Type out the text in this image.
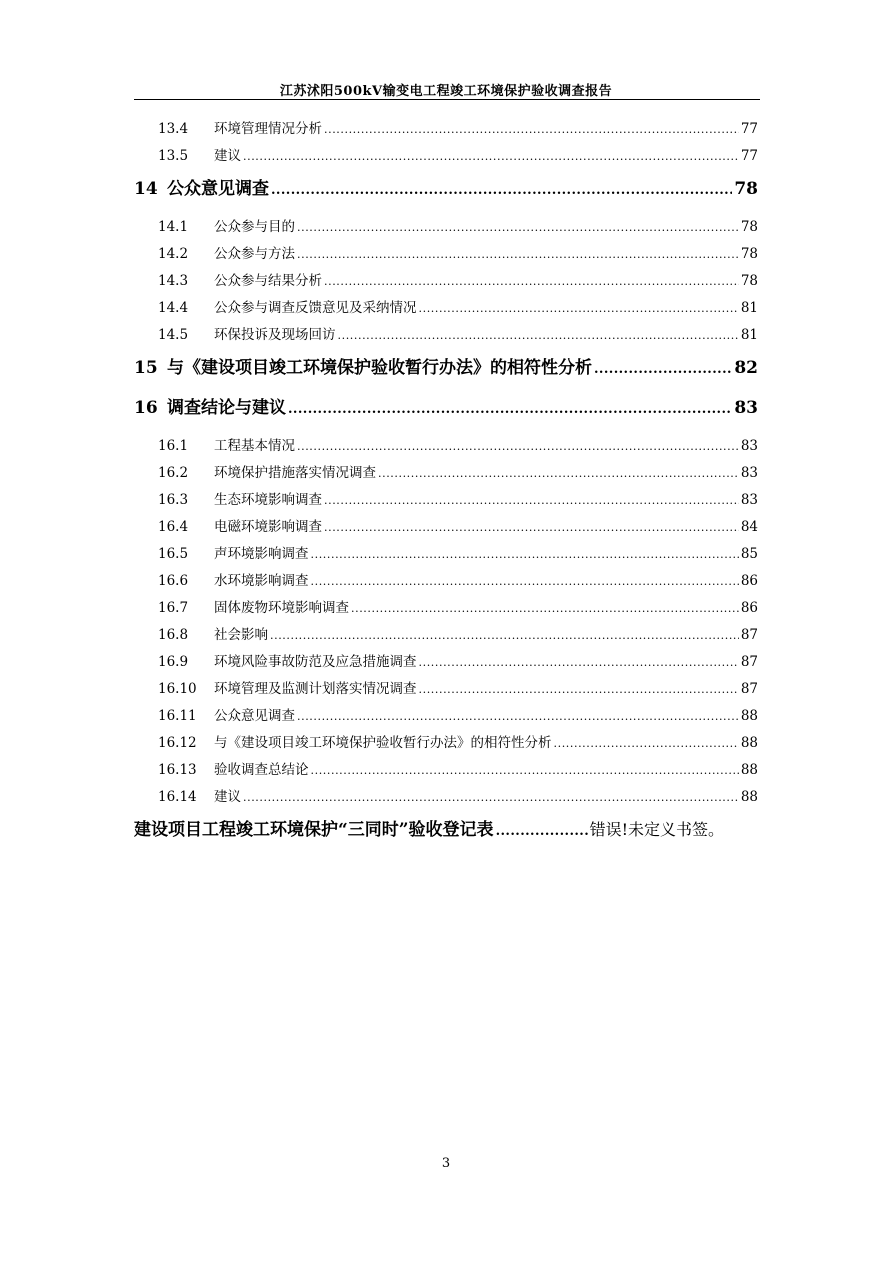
江苏沭阳500kV输变电工程竣工环境保护验收调查报告
13.4	环境管理情况分析 .....	77
13.5	建议 .....	77
14 公众意见调查 .....	78
14.1	公众参与目的 .....	78
14.2	公众参与方法 .....	78
14.3	公众参与结果分析 .....	78
14.4	公众参与调查反馈意见及采纳情况 .....	81
14.5	环保投诉及现场回访 .....	81
15 与《建设项目竣工环境保护验收暂行办法》的相符性分析 .....	82
16 调查结论与建议 .....	83
16.1	工程基本情况 .....	83
16.2	环境保护措施落实情况调查 .....	83
16.3	生态环境影响调查 .....	83
16.4	电磁环境影响调查 .....	84
16.5	声环境影响调查 .....	85
16.6	水环境影响调查 .....	86
16.7	固体废物环境影响调查 .....	86
16.8	社会影响 .....	87
16.9	环境风险事故防范及应急措施调查 .....	87
16.10	环境管理及监测计划落实情况调查 .....	87
16.11	公众意见调查 .....	88
16.12	与《建设项目竣工环境保护验收暂行办法》的相符性分析 .....	88
16.13	验收调查总结论 .....	88
16.14	建议 .....	88
建设项目工程竣工环境保护“三同时”验收登记表 .....	错误!未定义书签。
3
